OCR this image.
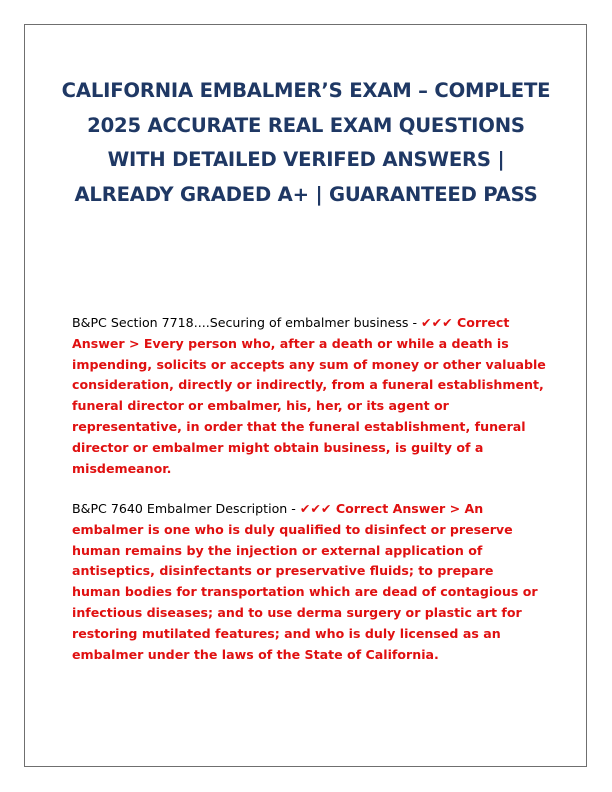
CALIFORNIA EMBALMER’S EXAM – COMPLETE 2025 ACCURATE REAL EXAM QUESTIONS WITH DETAILED VERIFED ANSWERS | ALREADY GRADED A+ | GUARANTEED PASS

B&PC Section 7718....Securing of embalmer business - ✔✔✔ Correct Answer > Every person who, after a death or while a death is impending, solicits or accepts any sum of money or other valuable consideration, directly or indirectly, from a funeral establishment, funeral director or embalmer, his, her, or its agent or representative, in order that the funeral establishment, funeral director or embalmer might obtain business, is guilty of a misdemeanor.

B&PC 7640 Embalmer Description - ✔✔✔ Correct Answer > An embalmer is one who is duly qualified to disinfect or preserve human remains by the injection or external application of antiseptics, disinfectants or preservative fluids; to prepare human bodies for transportation which are dead of contagious or infectious diseases; and to use derma surgery or plastic art for restoring mutilated features; and who is duly licensed as an embalmer under the laws of the State of California.
